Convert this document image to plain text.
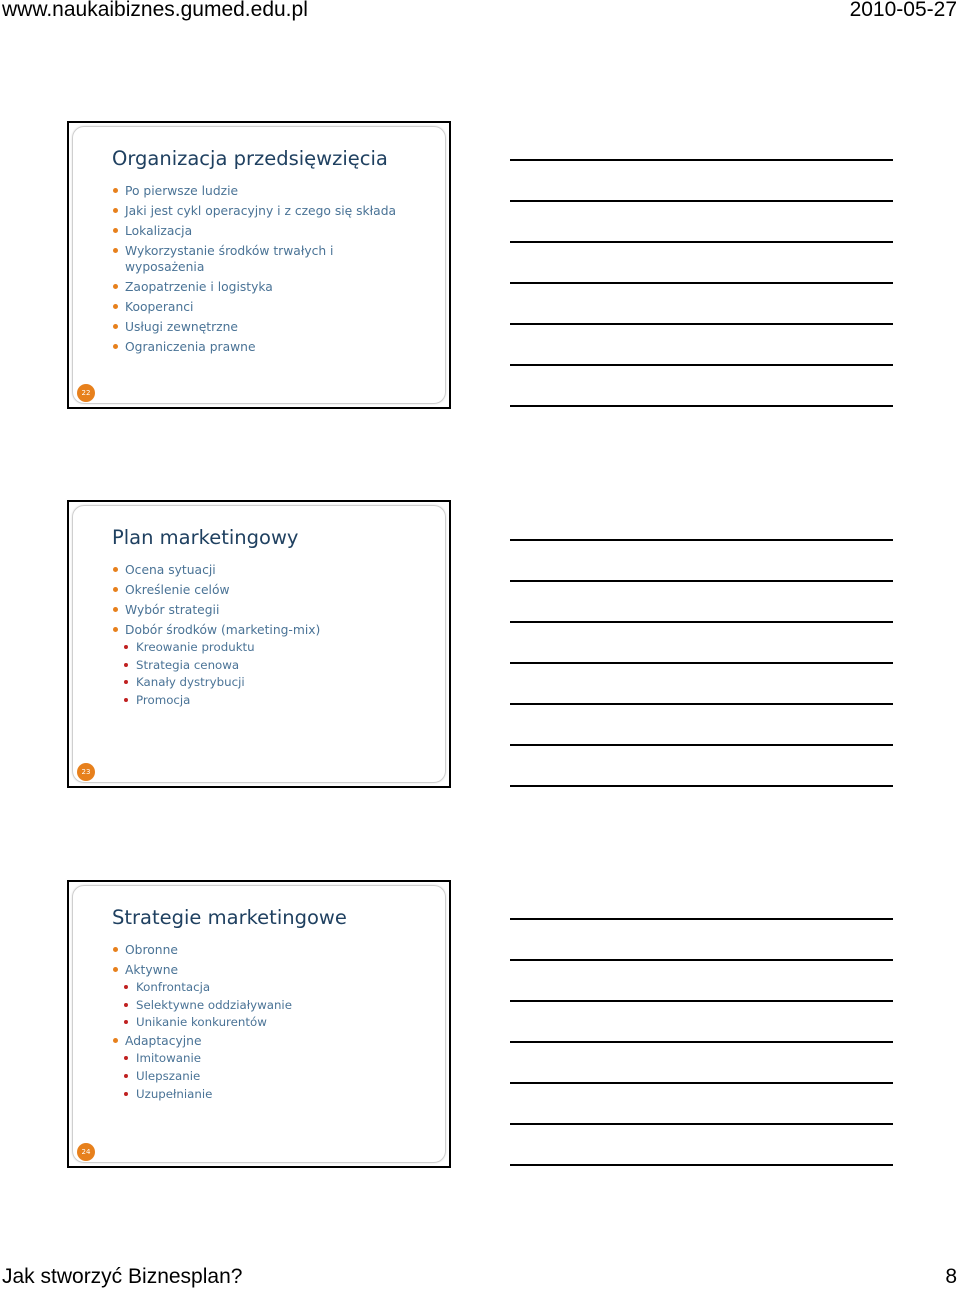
www.naukaibiznes.gumed.edu.pl	2010-05-27
Organizacja przedsięwzięcia
Po pierwsze ludzie
Jaki jest cykl operacyjny i z czego się składa
Lokalizacja
Wykorzystanie środków trwałych i wyposażenia
Zaopatrzenie i logistyka
Kooperanci
Usługi zewnętrzne
Ograniczenia prawne
22
Plan marketingowy
Ocena sytuacji
Określenie celów
Wybór strategii
Dobór środków (marketing-mix)
Kreowanie produktu
Strategia cenowa
Kanały dystrybucji
Promocja
23
Strategie marketingowe
Obronne
Aktywne
Konfrontacja
Selektywne oddziaływanie
Unikanie konkurentów
Adaptacyjne
Imitowanie
Ulepszanie
Uzupełnianie
24
Jak stworzyć Biznesplan?	8
